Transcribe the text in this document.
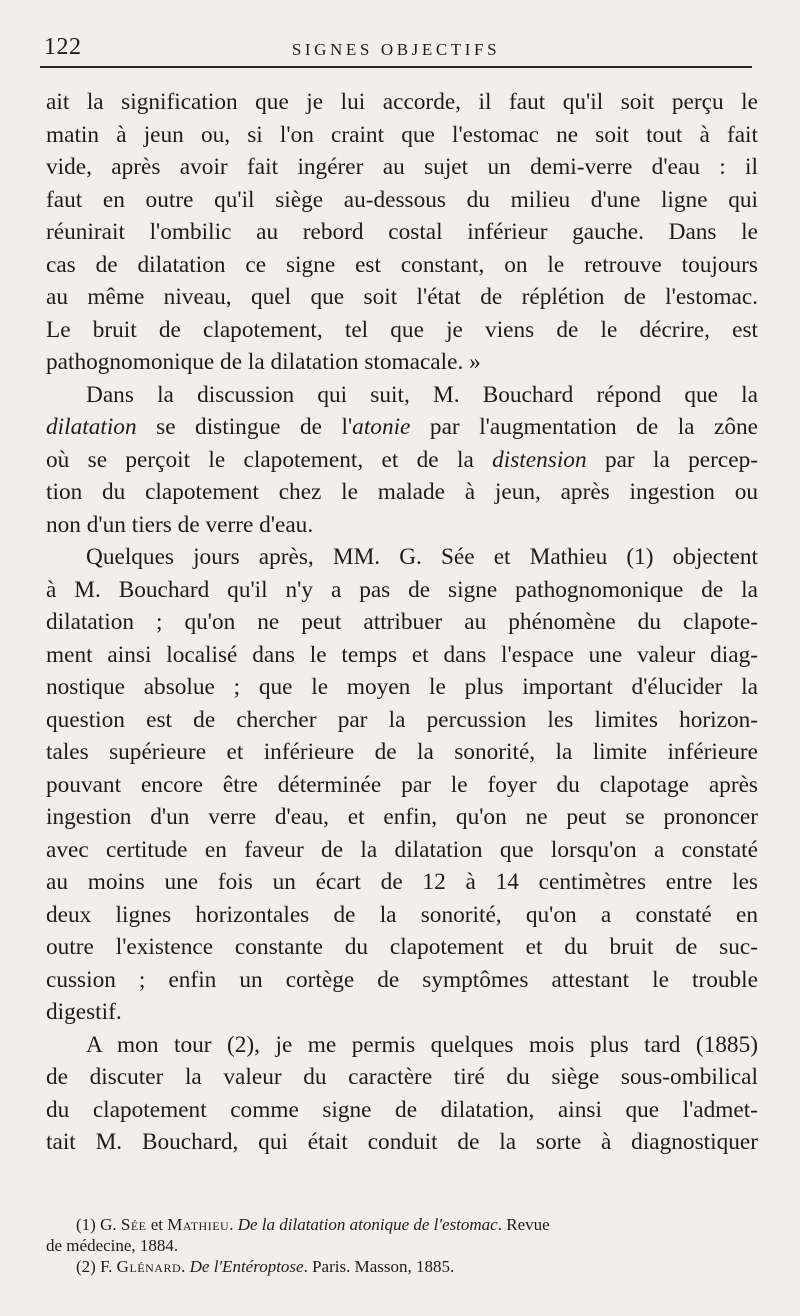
122	SIGNES OBJECTIFS
ait la signification que je lui accorde, il faut qu'il soit perçu le
matin à jeun ou, si l'on craint que l'estomac ne soit tout à fait
vide, après avoir fait ingérer au sujet un demi-verre d'eau : il
faut en outre qu'il siège au-dessous du milieu d'une ligne qui
réunirait l'ombilic au rebord costal inférieur gauche. Dans le
cas de dilatation ce signe est constant, on le retrouve toujours
au même niveau, quel que soit l'état de réplétion de l'estomac.
Le bruit de clapotement, tel que je viens de le décrire, est
pathognomonique de la dilatation stomacale. »
Dans la discussion qui suit, M. Bouchard répond que la
dilatation se distingue de l'atonie par l'augmentation de la zône
où se perçoit le clapotement, et de la distension par la percep-
tion du clapotement chez le malade à jeun, après ingestion ou
non d'un tiers de verre d'eau.
Quelques jours après, MM. G. Sée et Mathieu (1) objectent
à M. Bouchard qu'il n'y a pas de signe pathognomonique de la
dilatation ; qu'on ne peut attribuer au phénomène du clapote-
ment ainsi localisé dans le temps et dans l'espace une valeur diag-
nostique absolue ; que le moyen le plus important d'élucider la
question est de chercher par la percussion les limites horizon-
tales supérieure et inférieure de la sonorité, la limite inférieure
pouvant encore être déterminée par le foyer du clapotage après
ingestion d'un verre d'eau, et enfin, qu'on ne peut se prononcer
avec certitude en faveur de la dilatation que lorsqu'on a constaté
au moins une fois un écart de 12 à 14 centimètres entre les
deux lignes horizontales de la sonorité, qu'on a constaté en
outre l'existence constante du clapotement et du bruit de suc-
cussion ; enfin un cortège de symptômes attestant le trouble
digestif.
A mon tour (2), je me permis quelques mois plus tard (1885)
de discuter la valeur du caractère tiré du siège sous-ombilical
du clapotement comme signe de dilatation, ainsi que l'admet-
tait M. Bouchard, qui était conduit de la sorte à diagnostiquer
(1) G. Sée et Mathieu. De la dilatation atonique de l'estomac. Revue
de médecine, 1884.
(2) F. Glénard. De l'Entéroptose. Paris. Masson, 1885.
